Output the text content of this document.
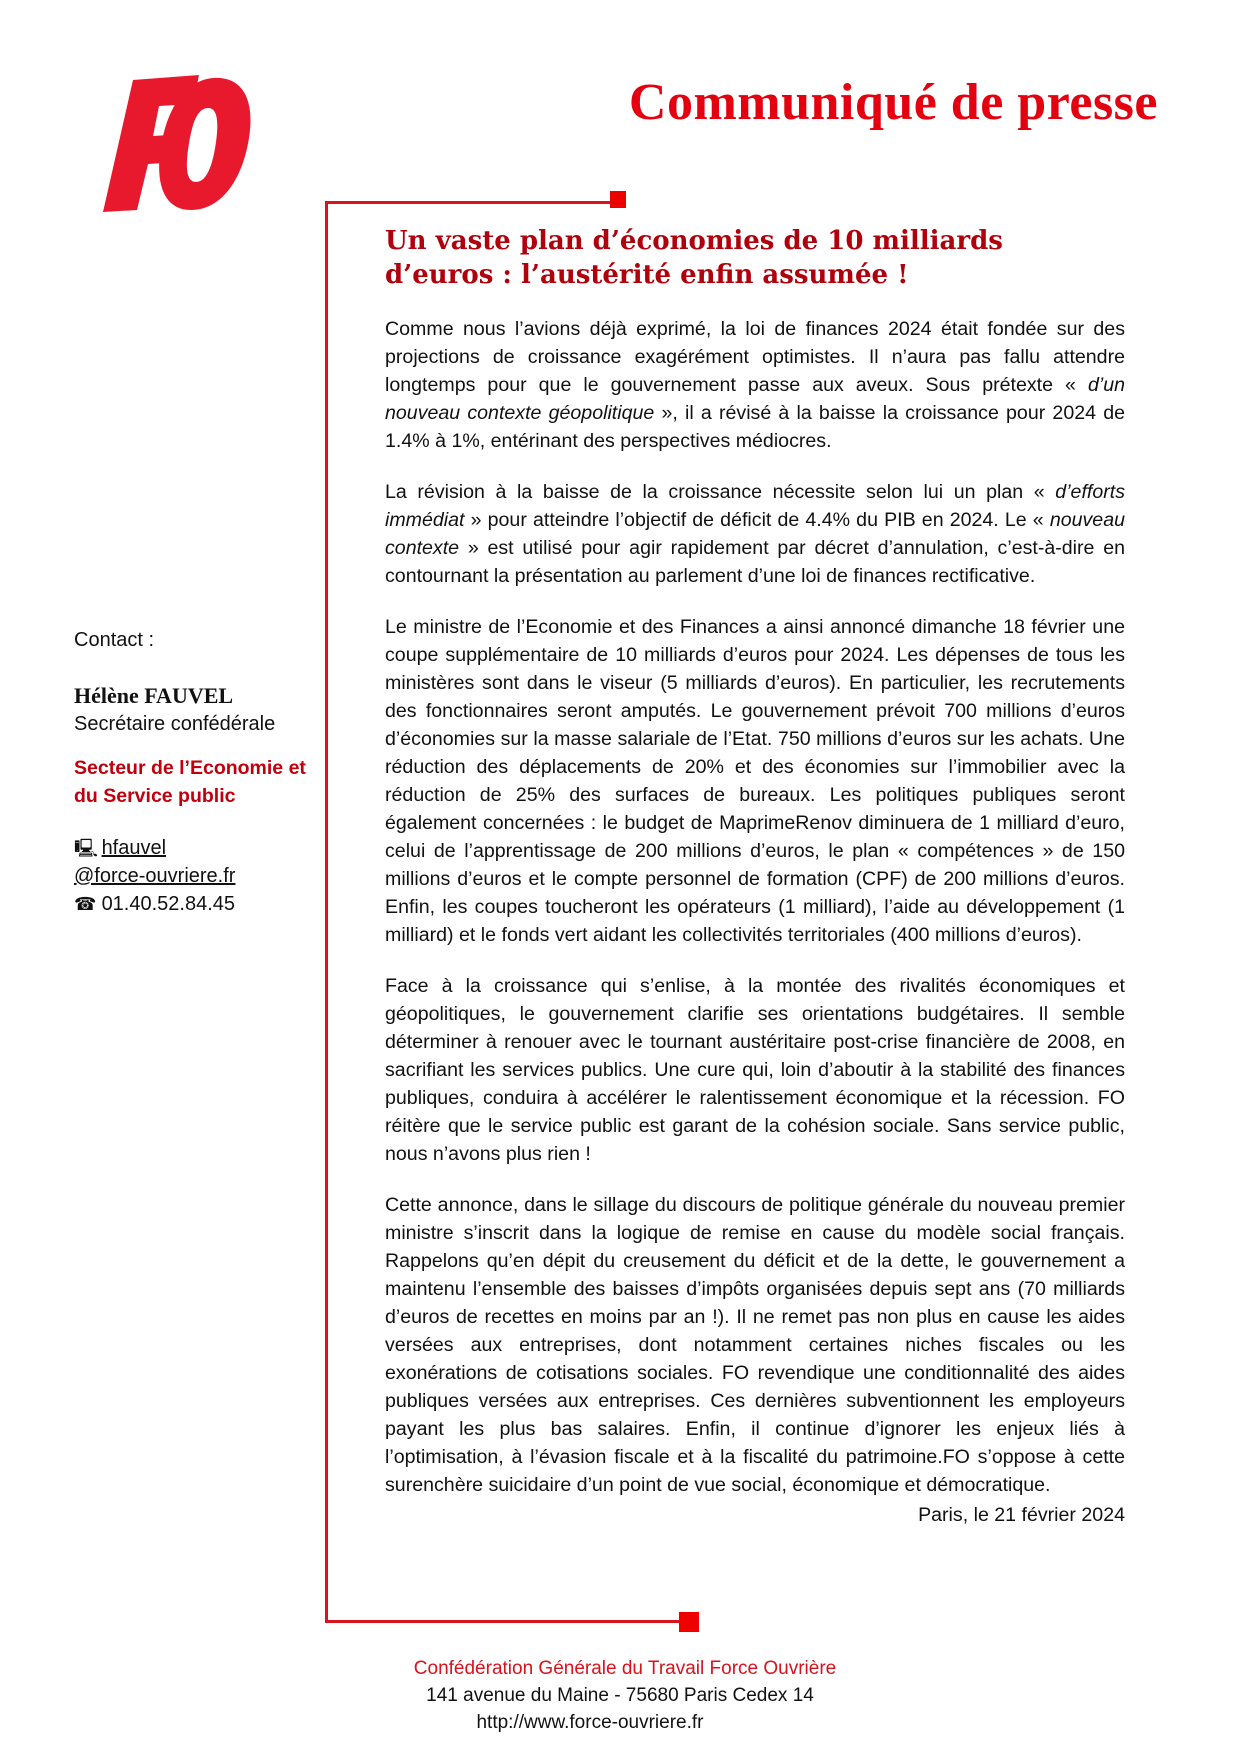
Communiqué de presse
Un vaste plan d’économies de 10 milliards
d’euros : l’austérité enfin assumée !

Comme nous l’avions déjà exprimé, la loi de finances 2024 était fondée sur des projections de croissance exagérément optimistes. Il n’aura pas fallu attendre longtemps pour que le gouvernement passe aux aveux. Sous prétexte « d’un nouveau contexte géopolitique », il a révisé à la baisse la croissance pour 2024 de 1.4% à 1%, entérinant des perspectives médiocres.

La révision à la baisse de la croissance nécessite selon lui un plan « d’efforts immédiat » pour atteindre l’objectif de déficit de 4.4% du PIB en 2024. Le « nouveau contexte » est utilisé pour agir rapidement par décret d’annulation, c’est-à-dire en contournant la présentation au parlement d’une loi de finances rectificative.

Le ministre de l’Economie et des Finances a ainsi annoncé dimanche 18 février une coupe supplémentaire de 10 milliards d’euros pour 2024. Les dépenses de tous les ministères sont dans le viseur (5 milliards d’euros). En particulier, les recrutements des fonctionnaires seront amputés. Le gouvernement prévoit 700 millions d’euros d’économies sur la masse salariale de l’Etat. 750 millions d’euros sur les achats. Une réduction des déplacements de 20% et des économies sur l’immobilier avec la réduction de 25% des surfaces de bureaux. Les politiques publiques seront également concernées : le budget de MaprimeRenov diminuera de 1 milliard d’euro, celui de l’apprentissage de 200 millions d’euros, le plan « compétences » de 150 millions d’euros et le compte personnel de formation (CPF) de 200 millions d’euros. Enfin, les coupes toucheront les opérateurs (1 milliard), l’aide au développement (1 milliard) et le fonds vert aidant les collectivités territoriales (400 millions d’euros).

Face à la croissance qui s’enlise, à la montée des rivalités économiques et géopolitiques, le gouvernement clarifie ses orientations budgétaires. Il semble déterminer à renouer avec le tournant austéritaire post-crise financière de 2008, en sacrifiant les services publics. Une cure qui, loin d’aboutir à la stabilité des finances publiques, conduira à accélérer le ralentissement économique et la récession. FO réitère que le service public est garant de la cohésion sociale. Sans service public, nous n’avons plus rien !

Cette annonce, dans le sillage du discours de politique générale du nouveau premier ministre s’inscrit dans la logique de remise en cause du modèle social français. Rappelons qu’en dépit du creusement du déficit et de la dette, le gouvernement a maintenu l’ensemble des baisses d’impôts organisées depuis sept ans (70 milliards d’euros de recettes en moins par an !). Il ne remet pas non plus en cause les aides versées aux entreprises, dont notamment certaines niches fiscales ou les exonérations de cotisations sociales. FO revendique une conditionnalité des aides publiques versées aux entreprises. Ces dernières subventionnent les employeurs payant les plus bas salaires. Enfin, il continue d’ignorer les enjeux liés à l’optimisation, à l’évasion fiscale et à la fiscalité du patrimoine.FO s’oppose à cette surenchère suicidaire d’un point de vue social, économique et démocratique.

Paris, le 21 février 2024

Contact :

Hélène FAUVEL

Secrétaire confédérale

Secteur de l’Economie et
du Service public

🖳 hfauvel

@force-ouvriere.fr

☎ 01.40.52.84.45

Confédération Générale du Travail Force Ouvrière

141 avenue du Maine - 75680 Paris Cedex 14

http://www.force-ouvriere.fr
